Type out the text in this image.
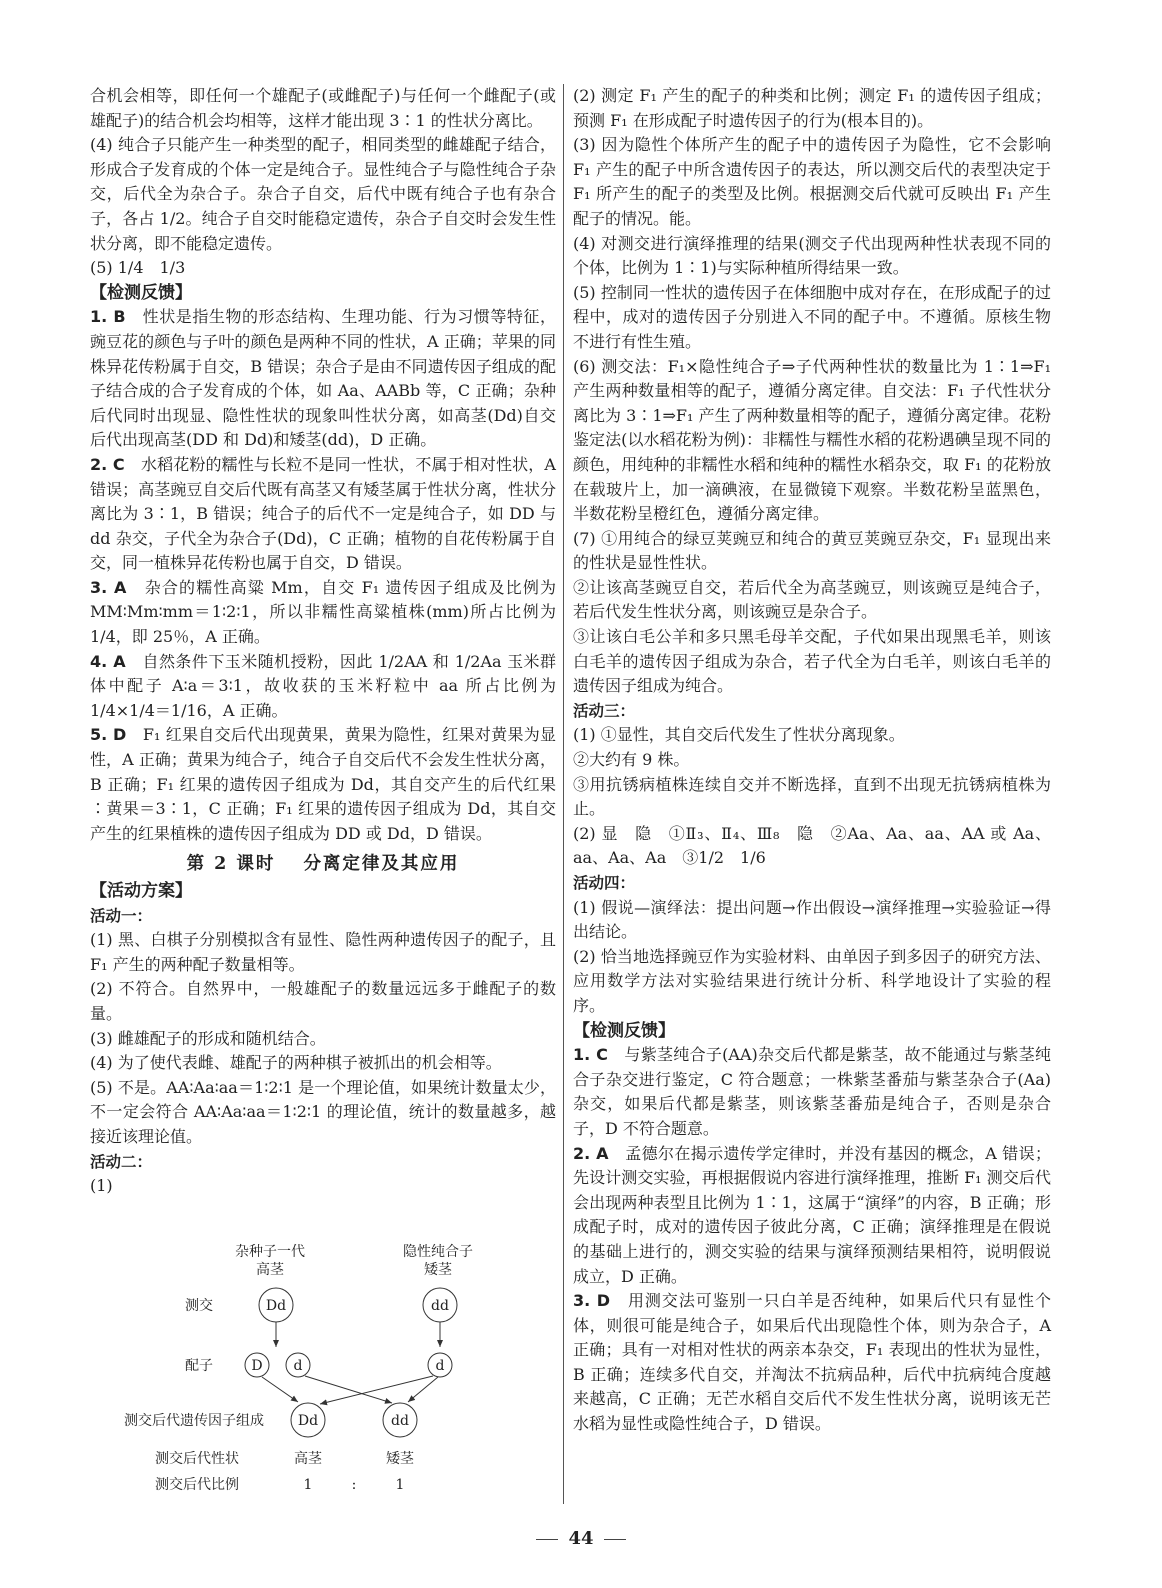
合机会相等，即任何一个雄配子(或雌配子)与任何一个雌配子(或雄配子)的结合机会均相等，这样才能出现 3∶1 的性状分离比。

(4) 纯合子只能产生一种类型的配子，相同类型的雌雄配子结合，形成合子发育成的个体一定是纯合子。显性纯合子与隐性纯合子杂交，后代全为杂合子。杂合子自交，后代中既有纯合子也有杂合子，各占 1/2。纯合子自交时能稳定遗传，杂合子自交时会发生性状分离，即不能稳定遗传。

(5) 1/4　1/3

【检测反馈】

1. B　 性状是指生物的形态结构、生理功能、行为习惯等特征，豌豆花的颜色与子叶的颜色是两种不同的性状，A 正确；苹果的同株异花传粉属于自交，B 错误；杂合子是由不同遗传因子组成的配子结合成的合子发育成的个体，如 Aa、AABb 等，C 正确；杂种后代同时出现显、隐性性状的现象叫性状分离，如高茎(Dd)自交后代出现高茎(DD 和 Dd)和矮茎(dd)，D 正确。

2. C　 水稻花粉的糯性与长粒不是同一性状，不属于相对性状，A 错误；高茎豌豆自交后代既有高茎又有矮茎属于性状分离，性状分离比为 3∶1，B 错误；纯合子的后代不一定是纯合子，如 DD 与 dd 杂交，子代全为杂合子(Dd)，C 正确；植物的自花传粉属于自交，同一植株异花传粉也属于自交，D 错误。

3. A　 杂合的糯性高粱 Mm，自交 F₁ 遗传因子组成及比例为 MM∶Mm∶mm＝1∶2∶1，所以非糯性高粱植株(mm)所占比例为 1/4，即 25％，A 正确。

4. A　 自然条件下玉米随机授粉，因此 1/2AA 和 1/2Aa 玉米群体中配子 A∶a＝3∶1，故收获的玉米籽粒中 aa 所占比例为 1/4×1/4＝1/16，A 正确。

5. D　 F₁ 红果自交后代出现黄果，黄果为隐性，红果对黄果为显性，A 正确；黄果为纯合子，纯合子自交后代不会发生性状分离，B 正确；F₁ 红果的遗传因子组成为 Dd，其自交产生的后代红果∶黄果＝3∶1，C 正确；F₁ 红果的遗传因子组成为 Dd，其自交产生的红果植株的遗传因子组成为 DD 或 Dd，D 错误。

第 2 课时 分离定律及其应用

【活动方案】

活动一：

(1) 黑、白棋子分别模拟含有显性、隐性两种遗传因子的配子，且 F₁ 产生的两种配子数量相等。

(2) 不符合。自然界中，一般雄配子的数量远远多于雌配子的数量。

(3) 雌雄配子的形成和随机结合。

(4) 为了使代表雌、雄配子的两种棋子被抓出的机会相等。

(5) 不是。AA∶Aa∶aa＝1∶2∶1 是一个理论值，如果统计数量太少，不一定会符合 AA∶Aa∶aa＝1∶2∶1 的理论值，统计的数量越多，越接近该理论值。

活动二：

(1)

杂种子一代
高茎
隐性纯合子
矮茎
测交	Dd	dd
配子	D d	d
测交后代遗传因子组成 Dd	dd
测交后代性状	高茎	矮茎
测交后代比例	1	:	1

(2) 测定 F₁ 产生的配子的种类和比例；测定 F₁ 的遗传因子组成；预测 F₁ 在形成配子时遗传因子的行为(根本目的)。

(3) 因为隐性个体所产生的配子中的遗传因子为隐性，它不会影响 F₁ 产生的配子中所含遗传因子的表达，所以测交后代的表型决定于 F₁ 所产生的配子的类型及比例。根据测交后代就可反映出 F₁ 产生配子的情况。能。

(4) 对测交进行演绎推理的结果(测交子代出现两种性状表现不同的个体，比例为 1∶1)与实际种植所得结果一致。

(5) 控制同一性状的遗传因子在体细胞中成对存在，在形成配子的过程中，成对的遗传因子分别进入不同的配子中。不遵循。原核生物不进行有性生殖。

(6) 测交法：F₁×隐性纯合子⇒子代两种性状的数量比为 1∶1⇒F₁ 产生两种数量相等的配子，遵循分离定律。自交法：F₁ 子代性状分离比为 3∶1⇒F₁ 产生了两种数量相等的配子，遵循分离定律。花粉鉴定法(以水稻花粉为例)：非糯性与糯性水稻的花粉遇碘呈现不同的颜色，用纯种的非糯性水稻和纯种的糯性水稻杂交，取 F₁ 的花粉放在载玻片上，加一滴碘液，在显微镜下观察。半数花粉呈蓝黑色，半数花粉呈橙红色，遵循分离定律。

(7) ①用纯合的绿豆荚豌豆和纯合的黄豆荚豌豆杂交，F₁ 显现出来的性状是显性性状。

②让该高茎豌豆自交，若后代全为高茎豌豆，则该豌豆是纯合子，若后代发生性状分离，则该豌豆是杂合子。

③让该白毛公羊和多只黑毛母羊交配，子代如果出现黑毛羊，则该白毛羊的遗传因子组成为杂合，若子代全为白毛羊，则该白毛羊的遗传因子组成为纯合。

活动三：

(1) ①显性，其自交后代发生了性状分离现象。

②大约有 9 株。

③用抗锈病植株连续自交并不断选择，直到不出现无抗锈病植株为止。

(2) 显　隐　①Ⅱ₃、Ⅱ₄、Ⅲ₈　隐　②Aa、Aa、aa、AA 或 Aa、aa、Aa、Aa　③1/2　1/6

活动四：

(1) 假说—演绎法：提出问题→作出假设→演绎推理→实验验证→得出结论。

(2) 恰当地选择豌豆作为实验材料、由单因子到多因子的研究方法、应用数学方法对实验结果进行统计分析、科学地设计了实验的程序。

【检测反馈】

1. C　 与紫茎纯合子(AA)杂交后代都是紫茎，故不能通过与紫茎纯合子杂交进行鉴定，C 符合题意；一株紫茎番茄与紫茎杂合子(Aa)杂交，如果后代都是紫茎，则该紫茎番茄是纯合子，否则是杂合子，D 不符合题意。

2. A　 孟德尔在揭示遗传学定律时，并没有基因的概念，A 错误；先设计测交实验，再根据假说内容进行演绎推理，推断 F₁ 测交后代会出现两种表型且比例为 1∶1，这属于“演绎”的内容，B 正确；形成配子时，成对的遗传因子彼此分离，C 正确；演绎推理是在假说的基础上进行的，测交实验的结果与演绎预测结果相符，说明假说成立，D 正确。

3. D　 用测交法可鉴别一只白羊是否纯种，如果后代只有显性个体，则很可能是纯合子，如果后代出现隐性个体，则为杂合子，A 正确；具有一对相对性状的两亲本杂交，F₁ 表现出的性状为显性，B 正确；连续多代自交，并淘汰不抗病品种，后代中抗病纯合度越来越高，C 正确；无芒水稻自交后代不发生性状分离，说明该无芒水稻为显性或隐性纯合子，D 错误。

44
